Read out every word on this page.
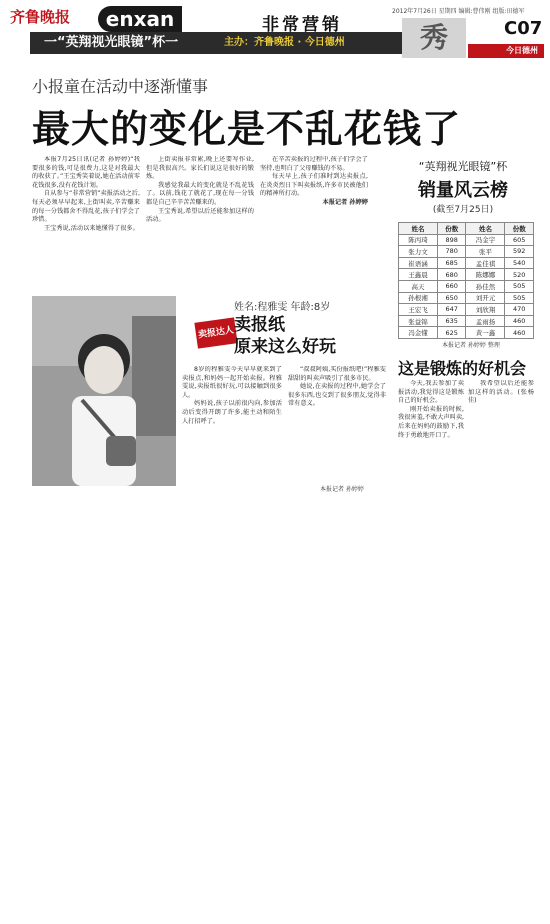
齐鲁晚报	enxan
一“英翔视光眼镜”杯一	主办：齐鲁晚报 · 今日德州
非常营销
2012年7月26日 星期四 编辑:曹伟刚 组版:田德军
秀	C07
今日德州
小报童在活动中逐渐懂事
最大的变化是不乱花钱了

本报7月25日讯(记者 孙婷婷)“我要很多的钱,可是很费力,这是对我最大的收获了。”王宝秀笑着说,她在活动前零花钱很多,没有花钱计划。

自从参与“非常营销”卖报活动之后,每天必须早早起来,上街叫卖,辛苦赚来的每一分钱都舍不得乱花,孩子们学会了珍惜。

王宝秀说,活动以来她懂得了很多。

上街卖报非常累,晚上还要写作业,但是我很高兴。家长们说这是很好的锻炼。

我感觉我最大的变化就是不乱花钱了。以前,钱花了就花了,现在每一分钱都是自己辛辛苦苦赚来的。

王宝秀说,希望以后还能参加这样的活动。

在辛苦卖报的过程中,孩子们学会了坚持,也明白了父母赚钱的不易。

每天早上,孩子们准时到达卖报点,在炎炎烈日下叫卖报纸,许多市民被他们的精神所打动。

本报记者 孙婷婷

“英翔视光眼镜”杯
销量风云榜
(截至7月25日)
姓名	份数	姓名	份数
陈丙琦	898	冯金宇	605
张力文	780	张平	592
崔语涵	685	孟佳祺	540
王鑫晨	680	陈娜娜	520
高天	660	孙佳然	505
孙根湘	650	刘开元	505
王宏飞	647	刘欣翔	470
张益锦	635	孟雨扬	460
冯金懂	625	黄一鑫	460
本报记者 孙婷婷 整理
卖报达人
姓名:程雅雯 年龄:8岁
卖报纸
原来这么好玩

8岁的程雅雯今天早早就来到了卖报点,和妈妈一起开始卖报。程雅雯说,卖报纸很好玩,可以接触到很多人。

妈妈说,孩子以前很内向,参加活动后变得开朗了许多,能主动和陌生人打招呼了。

“叔叔阿姨,买份报纸吧!”程雅雯甜甜的叫卖声吸引了很多市民。

她说,在卖报的过程中,她学会了很多东西,也交到了很多朋友,觉得非常有意义。

本报记者 孙婷婷
这是锻炼的好机会

今天,我去参加了卖报活动,我觉得这是锻炼自己的好机会。

刚开始卖报的时候,我很害羞,不敢大声叫卖,后来在妈妈的鼓励下,我终于勇敢地开口了。

我希望以后还能参加这样的活动。(张杨佳)
